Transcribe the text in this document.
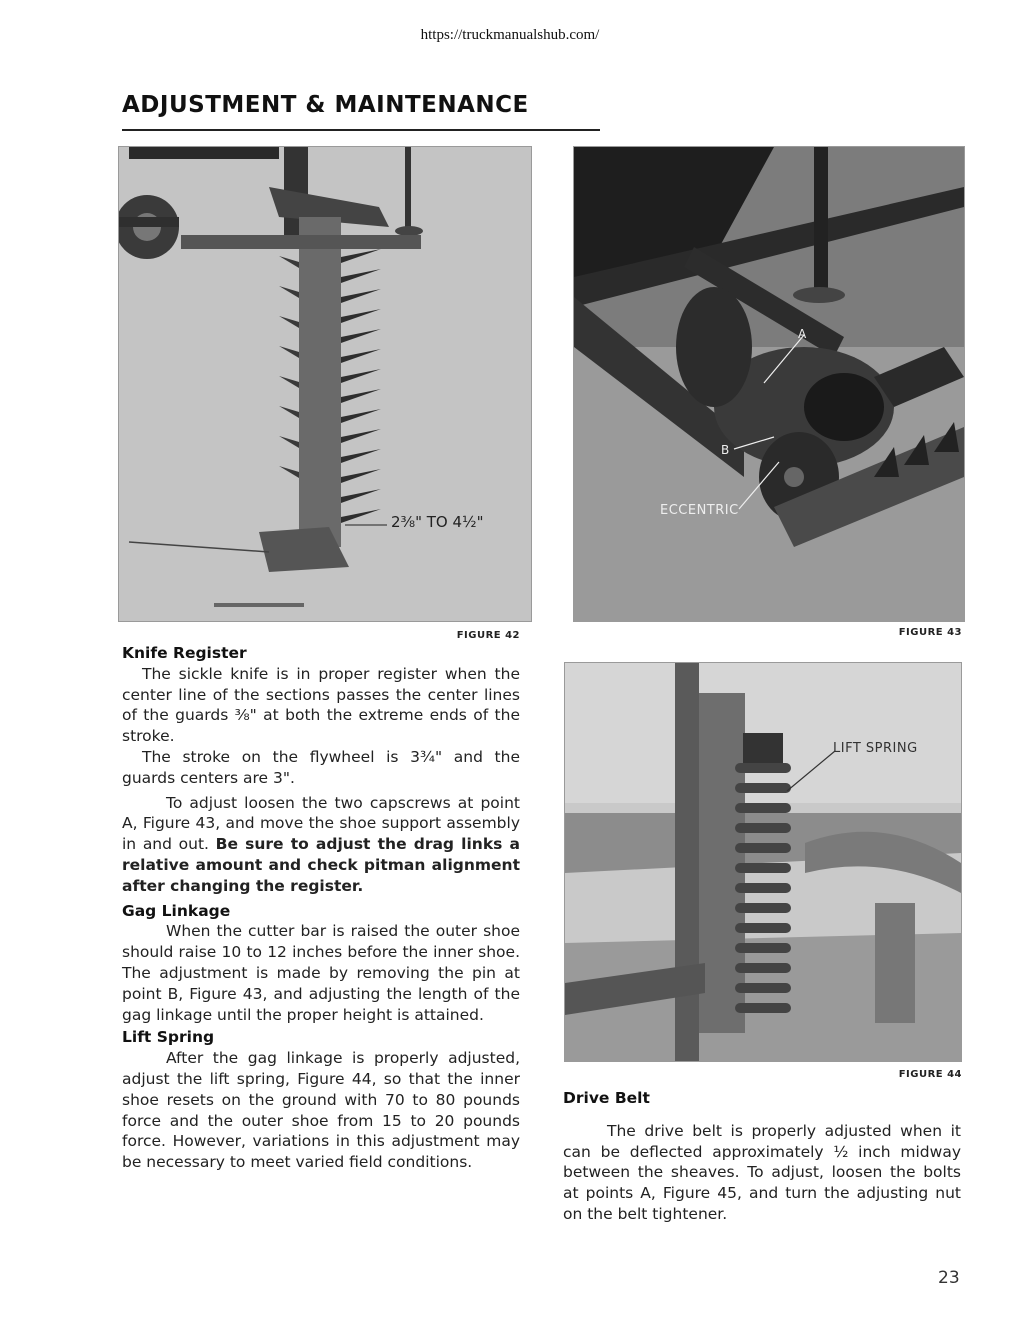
https://truckmanualshub.com/
ADJUSTMENT & MAINTENANCE
2⅜" TO 4½"
FIGURE 42
A
B
ECCENTRIC
FIGURE 43
LIFT SPRING
FIGURE 44
Knife Register

The sickle knife is in proper register when the center line of the sections passes the center lines of the guards ⅜" at both the extreme ends of the stroke.

The stroke on the flywheel is 3¾" and the guards centers are 3".

To adjust loosen the two capscrews at point A, Figure 43, and move the shoe support assembly in and out. Be sure to adjust the drag links a relative amount and check pitman alignment after changing the register.

Gag Linkage

When the cutter bar is raised the outer shoe should raise 10 to 12 inches before the inner shoe. The adjustment is made by removing the pin at point B, Figure 43, and adjusting the length of the gag linkage until the proper height is attained.

Lift Spring

After the gag linkage is properly adjusted, adjust the lift spring, Figure 44, so that the inner shoe resets on the ground with 70 to 80 pounds force and the outer shoe from 15 to 20 pounds force. However, variations in this adjustment may be necessary to meet varied field conditions.

Drive Belt

The drive belt is properly adjusted when it can be deflected approximately ½ inch midway between the sheaves. To adjust, loosen the bolts at points A, Figure 45, and turn the adjusting nut on the belt tightener.

23
